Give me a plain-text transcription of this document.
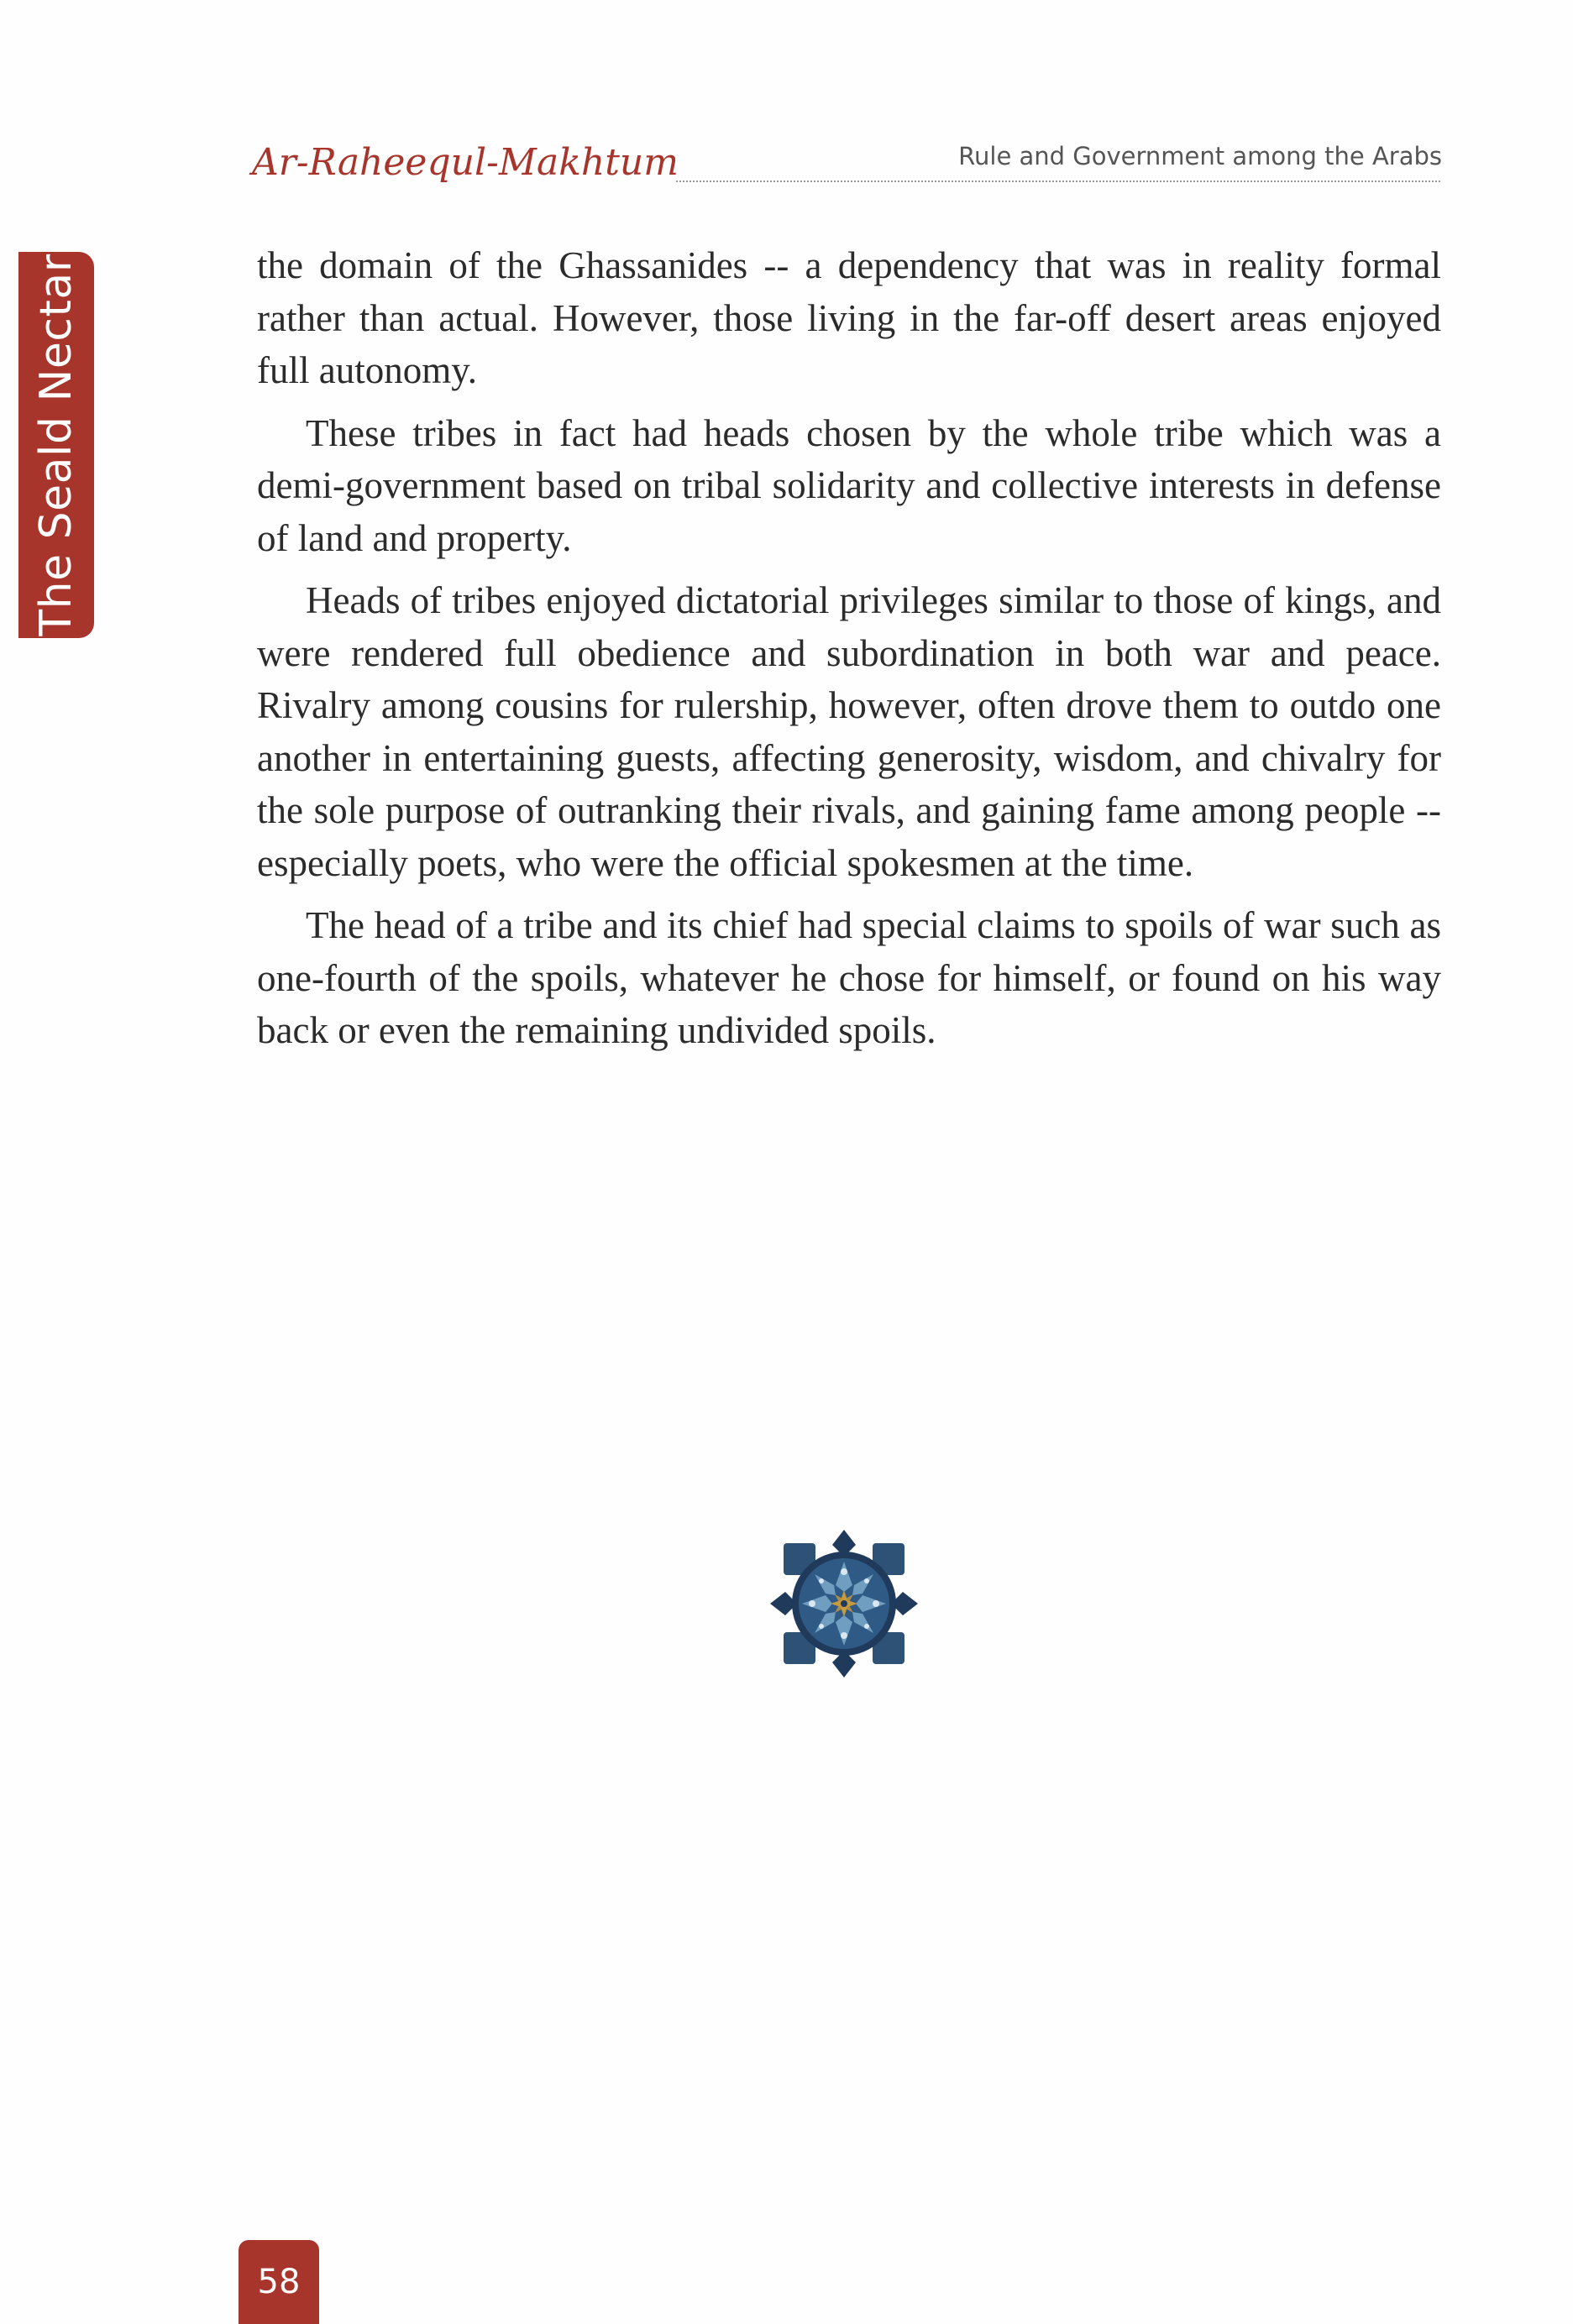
The Seald Nectar
Ar-Raheequl-Makhtum	Rule and Government among the Arabs

the domain of the Ghassanides -- a dependency that was in reality formal rather than actual. However, those living in the far-off desert areas enjoyed full autonomy.

These tribes in fact had heads chosen by the whole tribe which was a demi-government based on tribal solidarity and collective interests in defense of land and property.

Heads of tribes enjoyed dictatorial privileges similar to those of kings, and were rendered full obedience and subordination in both war and peace. Rivalry among cousins for rulership, however, often drove them to outdo one another in entertaining guests, affecting generosity, wisdom, and chivalry for the sole purpose of outranking their rivals, and gaining fame among people -- especially poets, who were the official spokesmen at the time.

The head of a tribe and its chief had special claims to spoils of war such as one-fourth of the spoils, whatever he chose for himself, or found on his way back or even the remaining undivided spoils.

58
